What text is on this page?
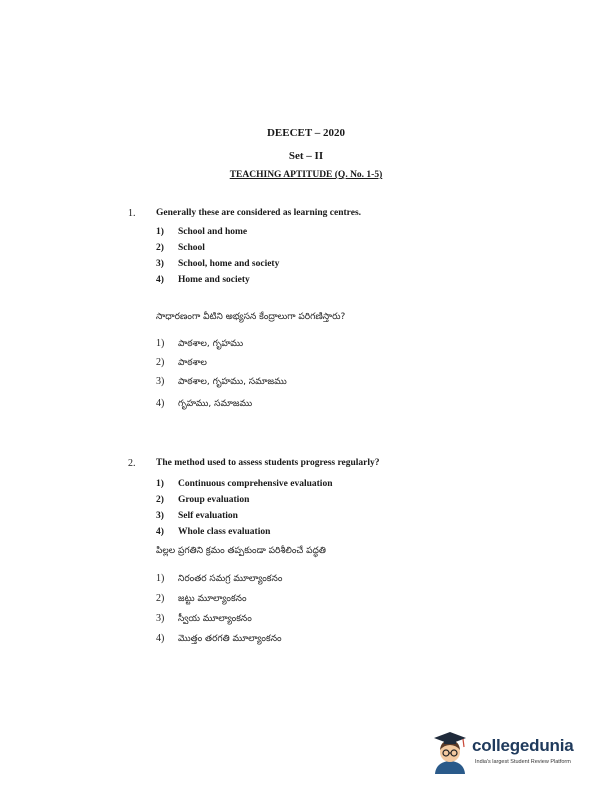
DEECET – 2020
Set – II
TEACHING APTITUDE (Q. No. 1-5)
1. Generally these are considered as learning centres.
1) School and home
2) School
3) School, home and society
4) Home and society
సాధారణంగా వీటిని అభ్యసన కేంద్రాలుగా పరిగణిస్తారు?
1) పాఠశాల, గృహము
2) పాఠశాల
3) పాఠశాల, గృహము, సమాజము
4) గృహము, సమాజము
2. The method used to assess students progress regularly?
1) Continuous comprehensive evaluation
2) Group evaluation
3) Self evaluation
4) Whole class evaluation
పిల్లల ప్రగతిని క్రమం తప్పకుండా పరిశీలించే పద్ధతి
1) నిరంతర సమగ్ర మూల్యాంకనం
2) జట్టు మూల్యాంకనం
3) స్వీయ మూల్యాంకనం
4) మొత్తం తరగతి మూల్యాంకనం
collegedunia
India's largest Student Review Platform
